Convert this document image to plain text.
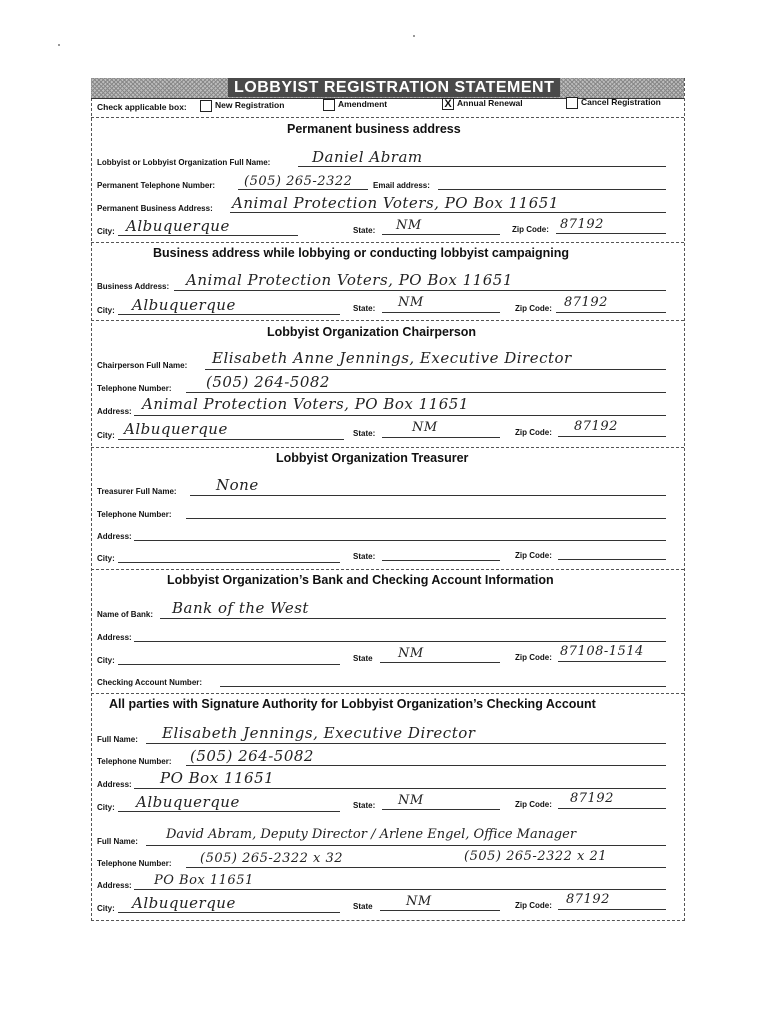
LOBBYIST REGISTRATION STATEMENT
Check applicable box:	New Registration	Amendment	X Annual Renewal	Cancel Registration
Permanent business address
Lobbyist or Lobbyist Organization Full Name:	Daniel Abram
Permanent Telephone Number: (505) 265-2322	Email address:
Permanent Business Address: Animal Protection Voters, PO Box 11651
City: Albuquerque	State: NM	Zip Code: 87192
Business address while lobbying or conducting lobbyist campaigning
Business Address: Animal Protection Voters, PO Box 11651
City: Albuquerque	State: NM	Zip Code: 87192
Lobbyist Organization Chairperson
Chairperson Full Name: Elisabeth Anne Jennings, Executive Director
Telephone Number: (505) 264-5082
Address: Animal Protection Voters, PO Box 11651
City: Albuquerque	State:	NM	Zip Code: 87192
Lobbyist Organization Treasurer
Treasurer Full Name:	None
Telephone Number:
Address:
City:	State:	Zip Code:
Lobbyist Organization’s Bank and Checking Account Information
Name of Bank: Bank of the West
Address:
City:	State NM	Zip Code: 87108-1514
Checking Account Number:
All parties with Signature Authority for Lobbyist Organization’s Checking Account
Full Name: Elisabeth Jennings, Executive Director
Telephone Number: (505) 264-5082
Address: PO Box 11651
City: Albuquerque	State: NM	Zip Code: 87192
Full Name: David Abram, Deputy Director / Arlene Engel, Office Manager
Telephone Number: (505) 265-2322 x 32	(505) 265-2322 x 21
Address: PO Box 11651
City: Albuquerque	State	NM	Zip Code: 87192
